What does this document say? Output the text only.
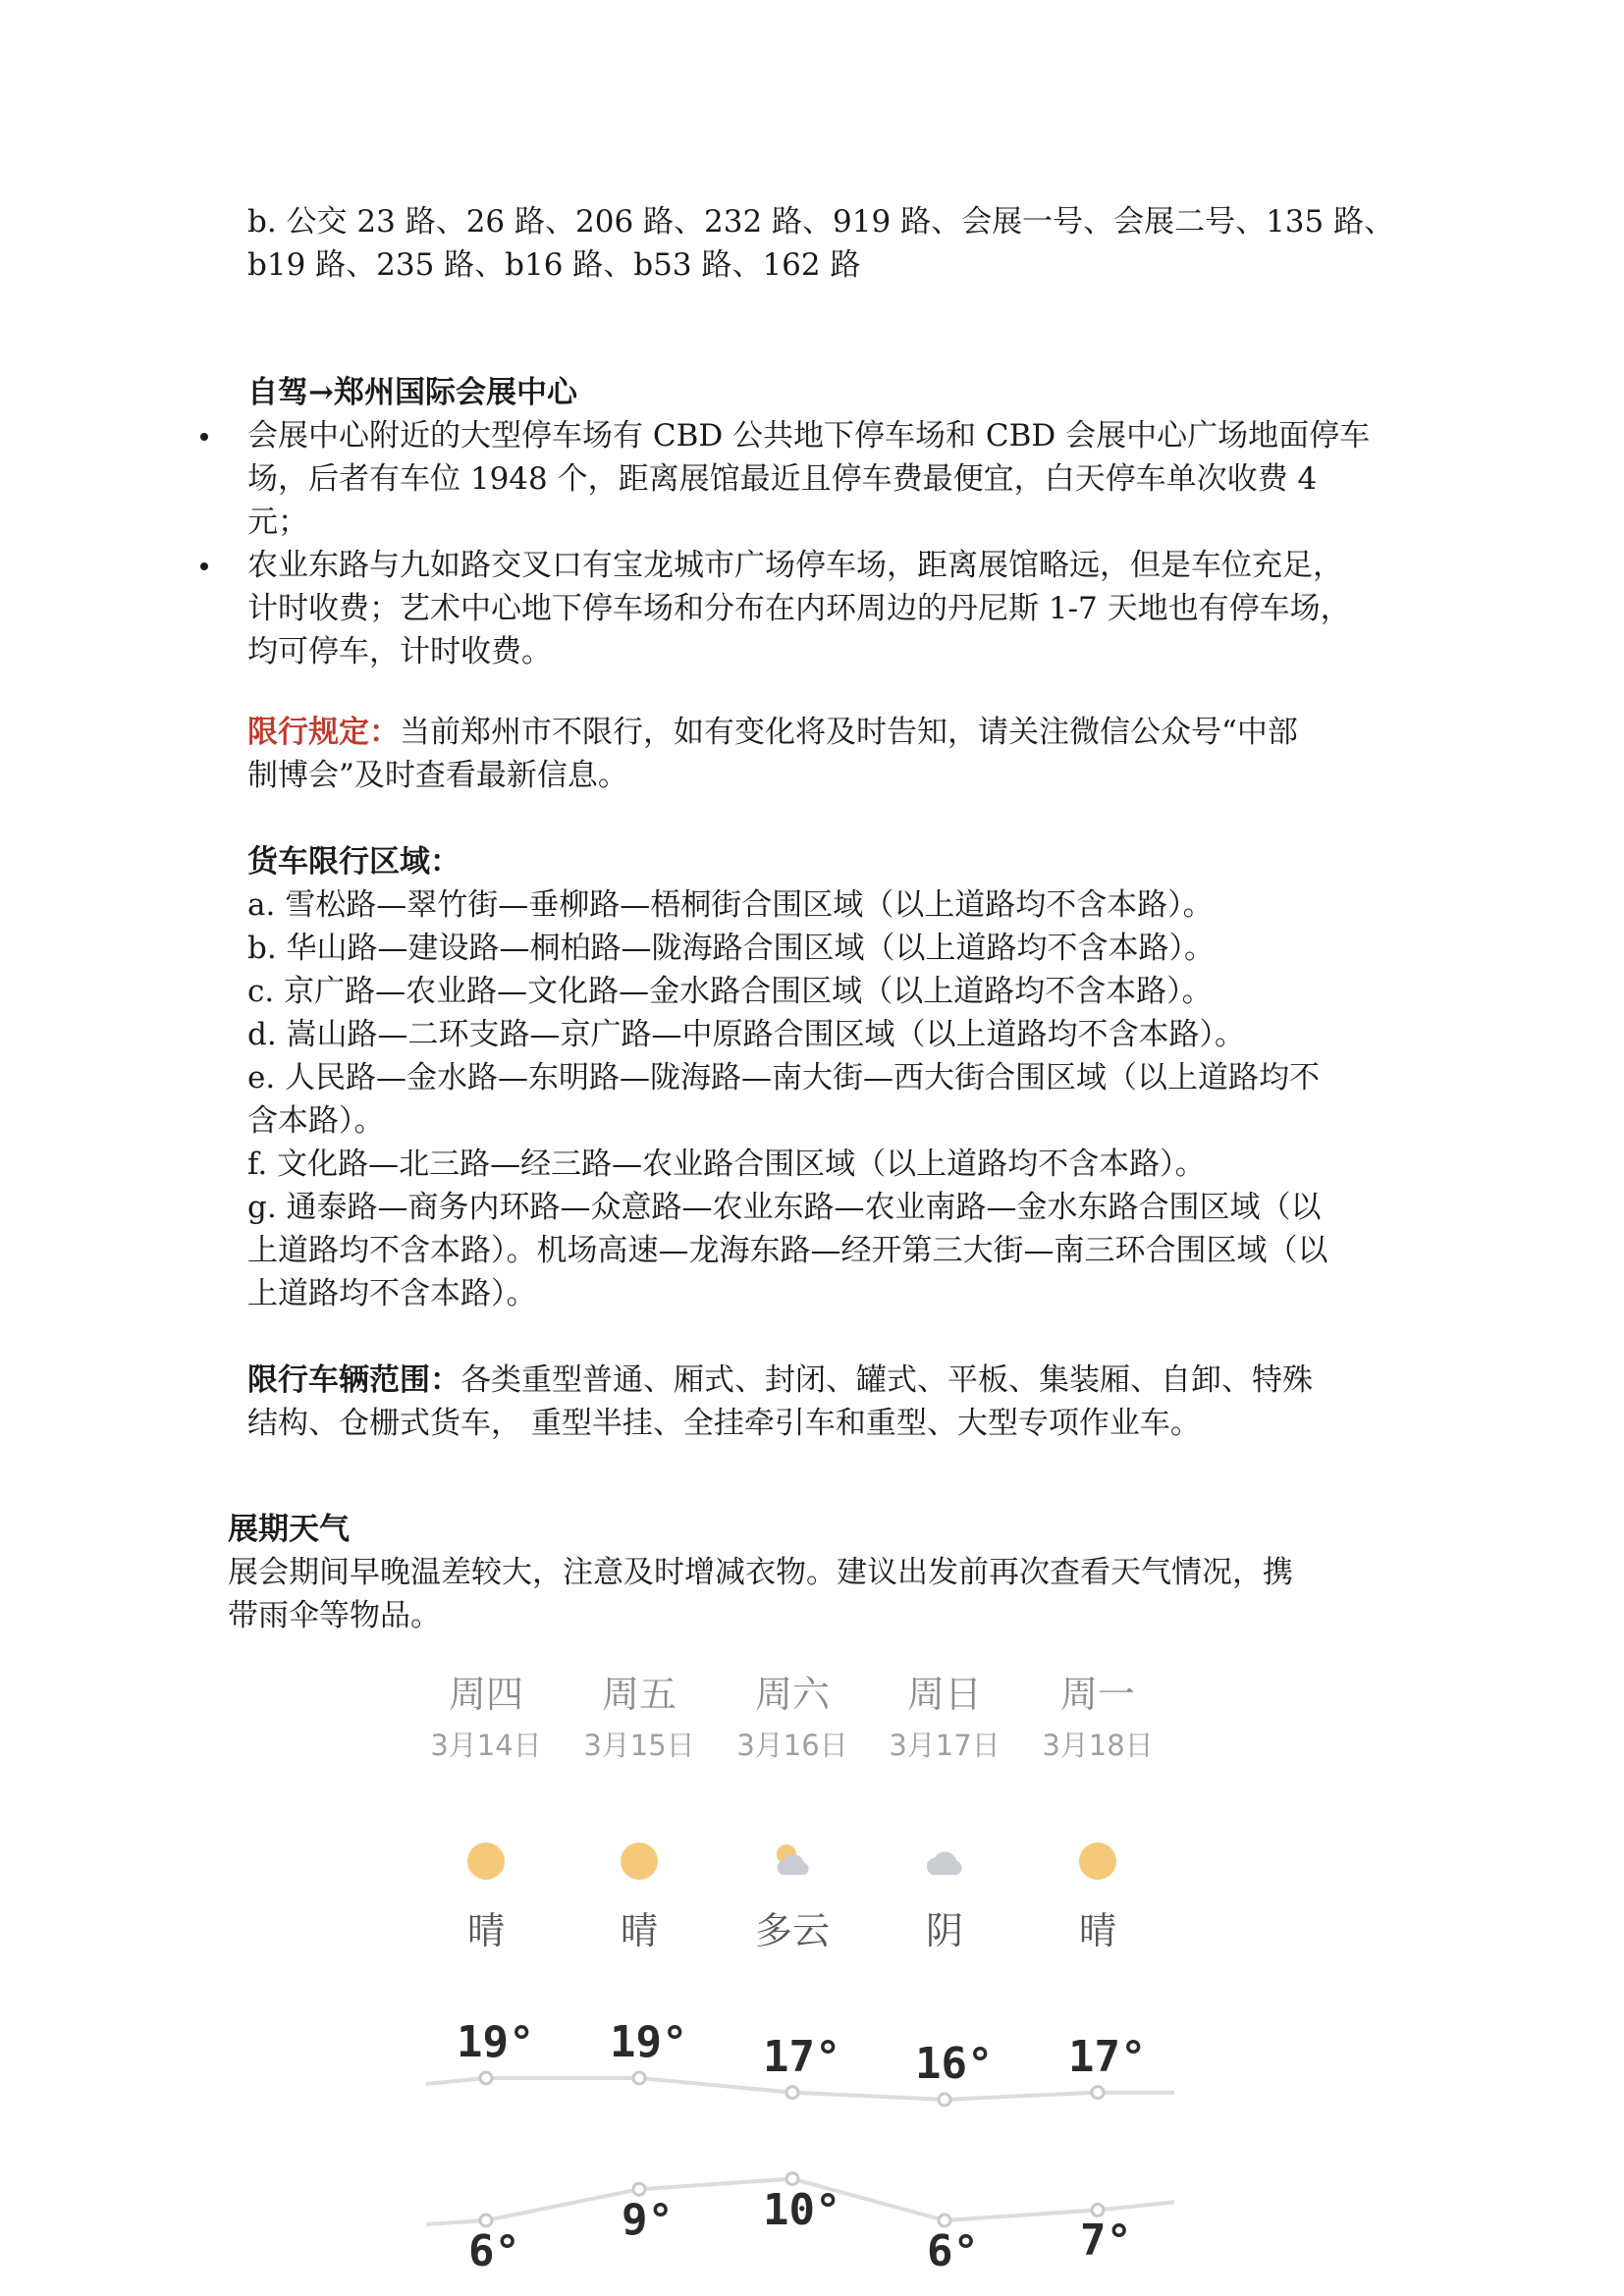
b. 公交 23 路、26 路、206 路、232 路、919 路、会展一号、会展二号、135 路、
b19 路、235 路、b16 路、b53 路、162 路
自驾→郑州国际会展中心
会展中心附近的大型停车场有 CBD 公共地下停车场和 CBD 会展中心广场地面停车
场，后者有车位 1948 个，距离展馆最近且停车费最便宜，白天停车单次收费 4
元；
农业东路与九如路交叉口有宝龙城市广场停车场，距离展馆略远，但是车位充足，
计时收费；艺术中心地下停车场和分布在内环周边的丹尼斯 1-7 天地也有停车场，
均可停车，计时收费。
限行规定：当前郑州市不限行，如有变化将及时告知，请关注微信公众号“中部
制博会”及时查看最新信息。
货车限行区域：
a. 雪松路—翠竹街—垂柳路—梧桐街合围区域（以上道路均不含本路）。
b. 华山路—建设路—桐柏路—陇海路合围区域（以上道路均不含本路）。
c. 京广路—农业路—文化路—金水路合围区域（以上道路均不含本路）。
d. 嵩山路—二环支路—京广路—中原路合围区域（以上道路均不含本路）。
e. 人民路—金水路—东明路—陇海路—南大街—西大街合围区域（以上道路均不
含本路）。
f. 文化路—北三路—经三路—农业路合围区域（以上道路均不含本路）。
g. 通泰路—商务内环路—众意路—农业东路—农业南路—金水东路合围区域（以
上道路均不含本路）。机场高速—龙海东路—经开第三大街—南三环合围区域（以
上道路均不含本路）。
限行车辆范围：各类重型普通、厢式、封闭、罐式、平板、集装厢、自卸、特殊
结构、仓栅式货车， 重型半挂、全挂牵引车和重型、大型专项作业车。
展期天气
展会期间早晚温差较大，注意及时增减衣物。建议出发前再次查看天气情况，携
带雨伞等物品。
周四
3月14日
晴
19°
6°
周五
3月15日
晴
19°
9°
周六
3月16日
多云
17°
10°
周日
3月17日
阴
16°
6°
周一
3月18日
晴
17°
7°
